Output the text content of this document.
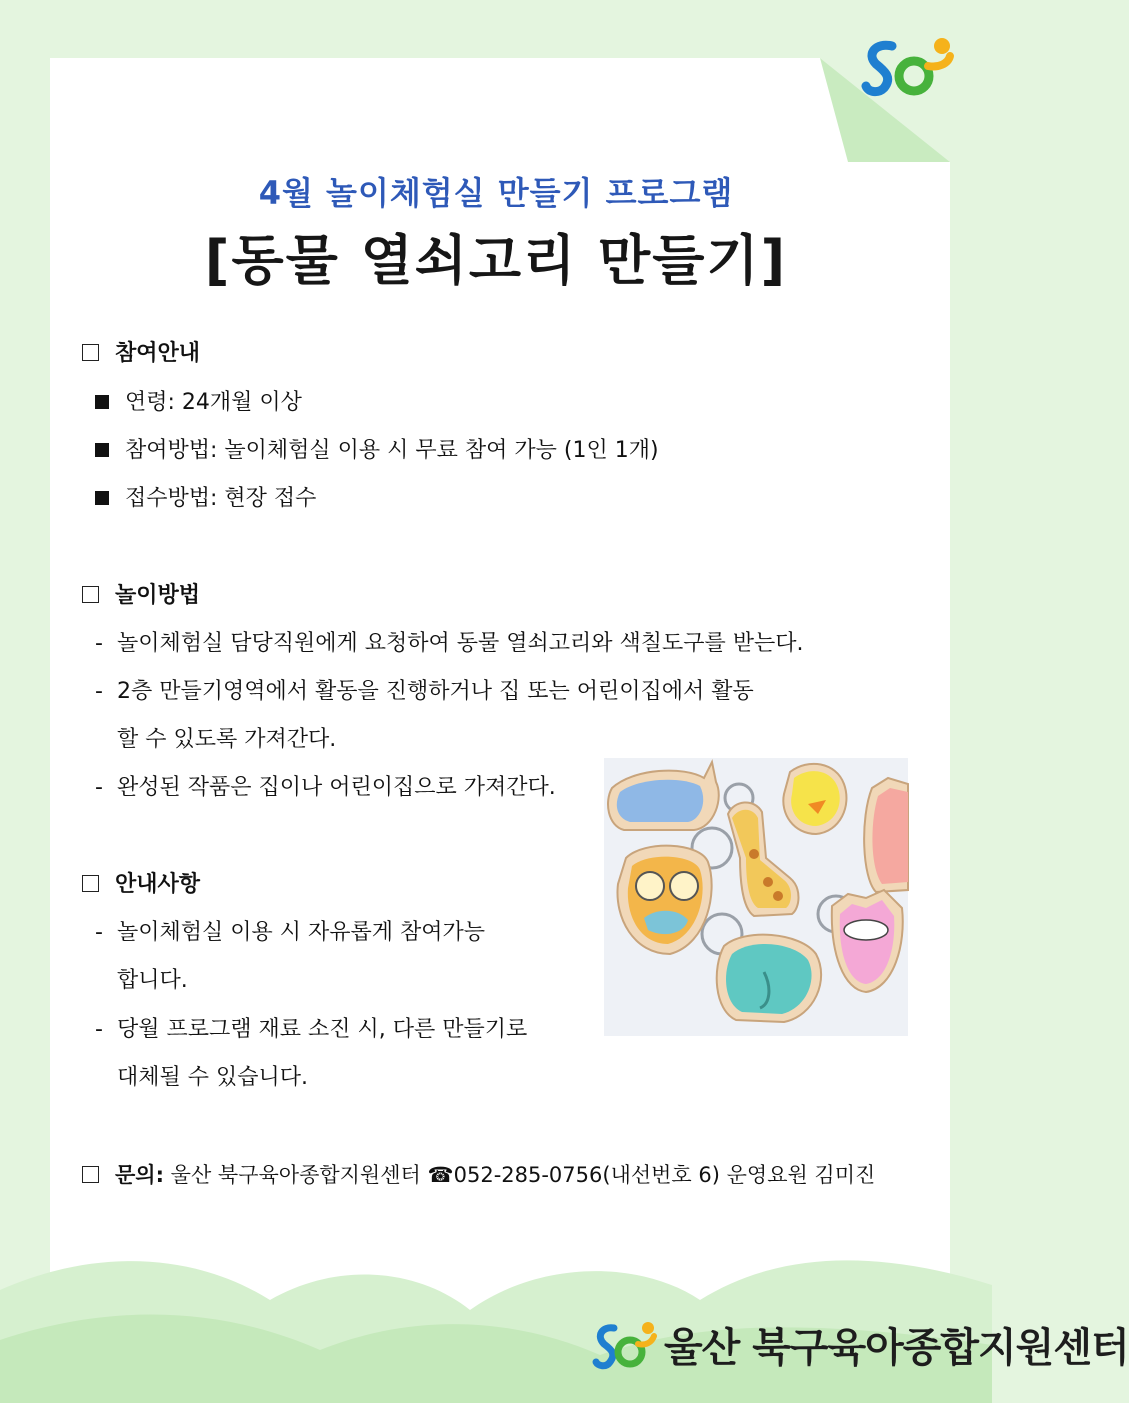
4월 놀이체험실 만들기 프로그램
[동물 열쇠고리 만들기]
참여안내
연령: 24개월 이상
참여방법: 놀이체험실 이용 시 무료 참여 가능 (1인 1개)
접수방법: 현장 접수
놀이방법
- 놀이체험실 담당직원에게 요청하여 동물 열쇠고리와 색칠도구를 받는다.
- 2층 만들기영역에서 활동을 진행하거나 집 또는 어린이집에서 활동
할 수 있도록 가져간다.
- 완성된 작품은 집이나 어린이집으로 가져간다.
안내사항
- 놀이체험실 이용 시 자유롭게 참여가능
합니다.
- 당월 프로그램 재료 소진 시, 다른 만들기로
대체될 수 있습니다.
문의: 울산 북구육아종합지원센터 ☎052-285-0756(내선번호 6) 운영요원 김미진
울산 북구육아종합지원센터
